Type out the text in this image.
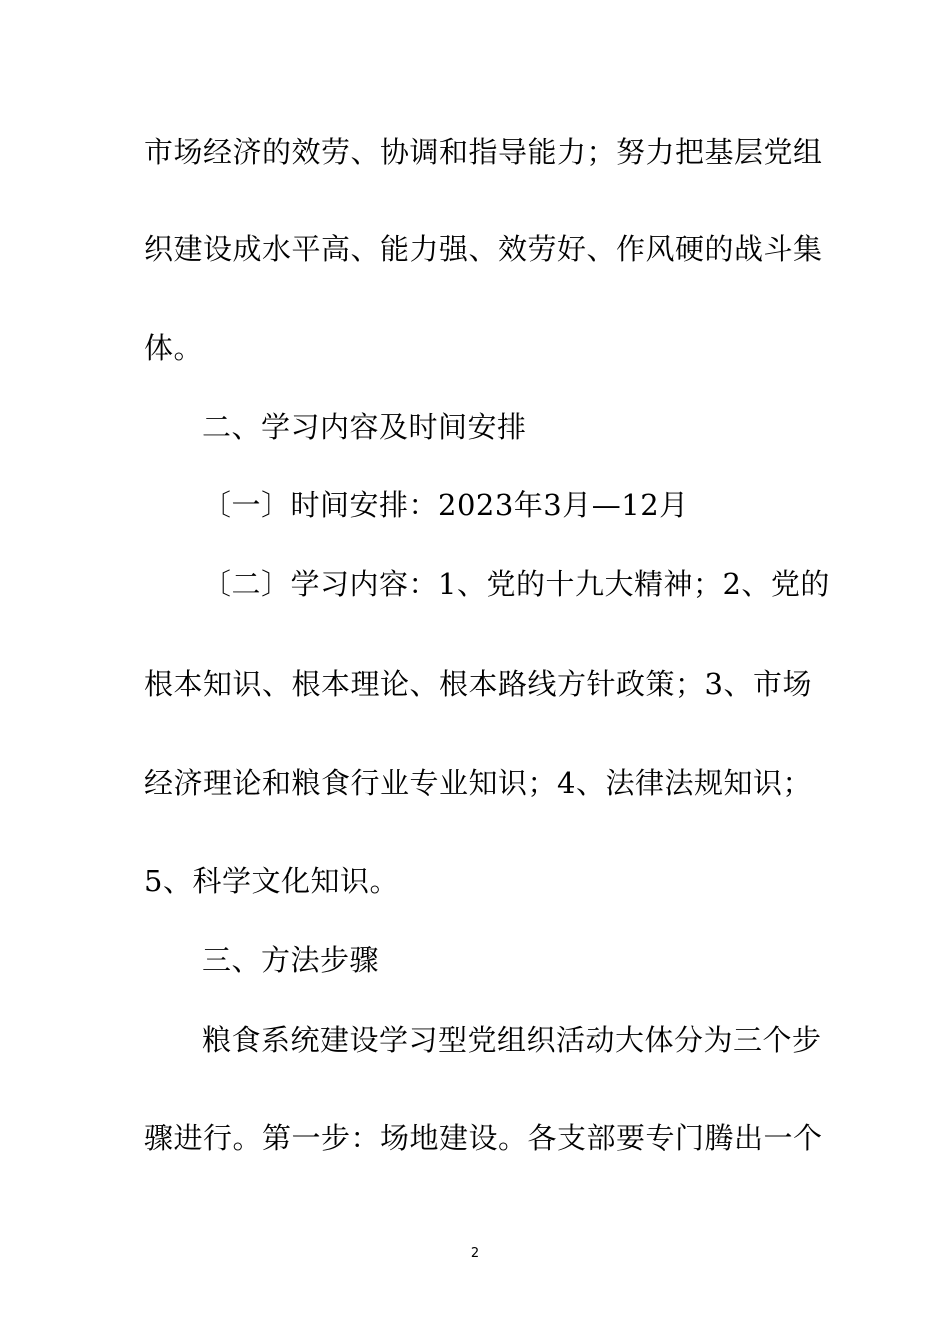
市场经济的效劳、协调和指导能力；努力把基层党组
织建设成水平高、能力强、效劳好、作风硬的战斗集
体。
二、学习内容及时间安排
〔一〕时间安排：2023年3月—12月
〔二〕学习内容：1、党的十九大精神；2、党的
根本知识、根本理论、根本路线方针政策；3、市场
经济理论和粮食行业专业知识；4、法律法规知识；
5、科学文化知识。
三、方法步骤
粮食系统建设学习型党组织活动大体分为三个步
骤进行。第一步：场地建设。各支部要专门腾出一个
2
